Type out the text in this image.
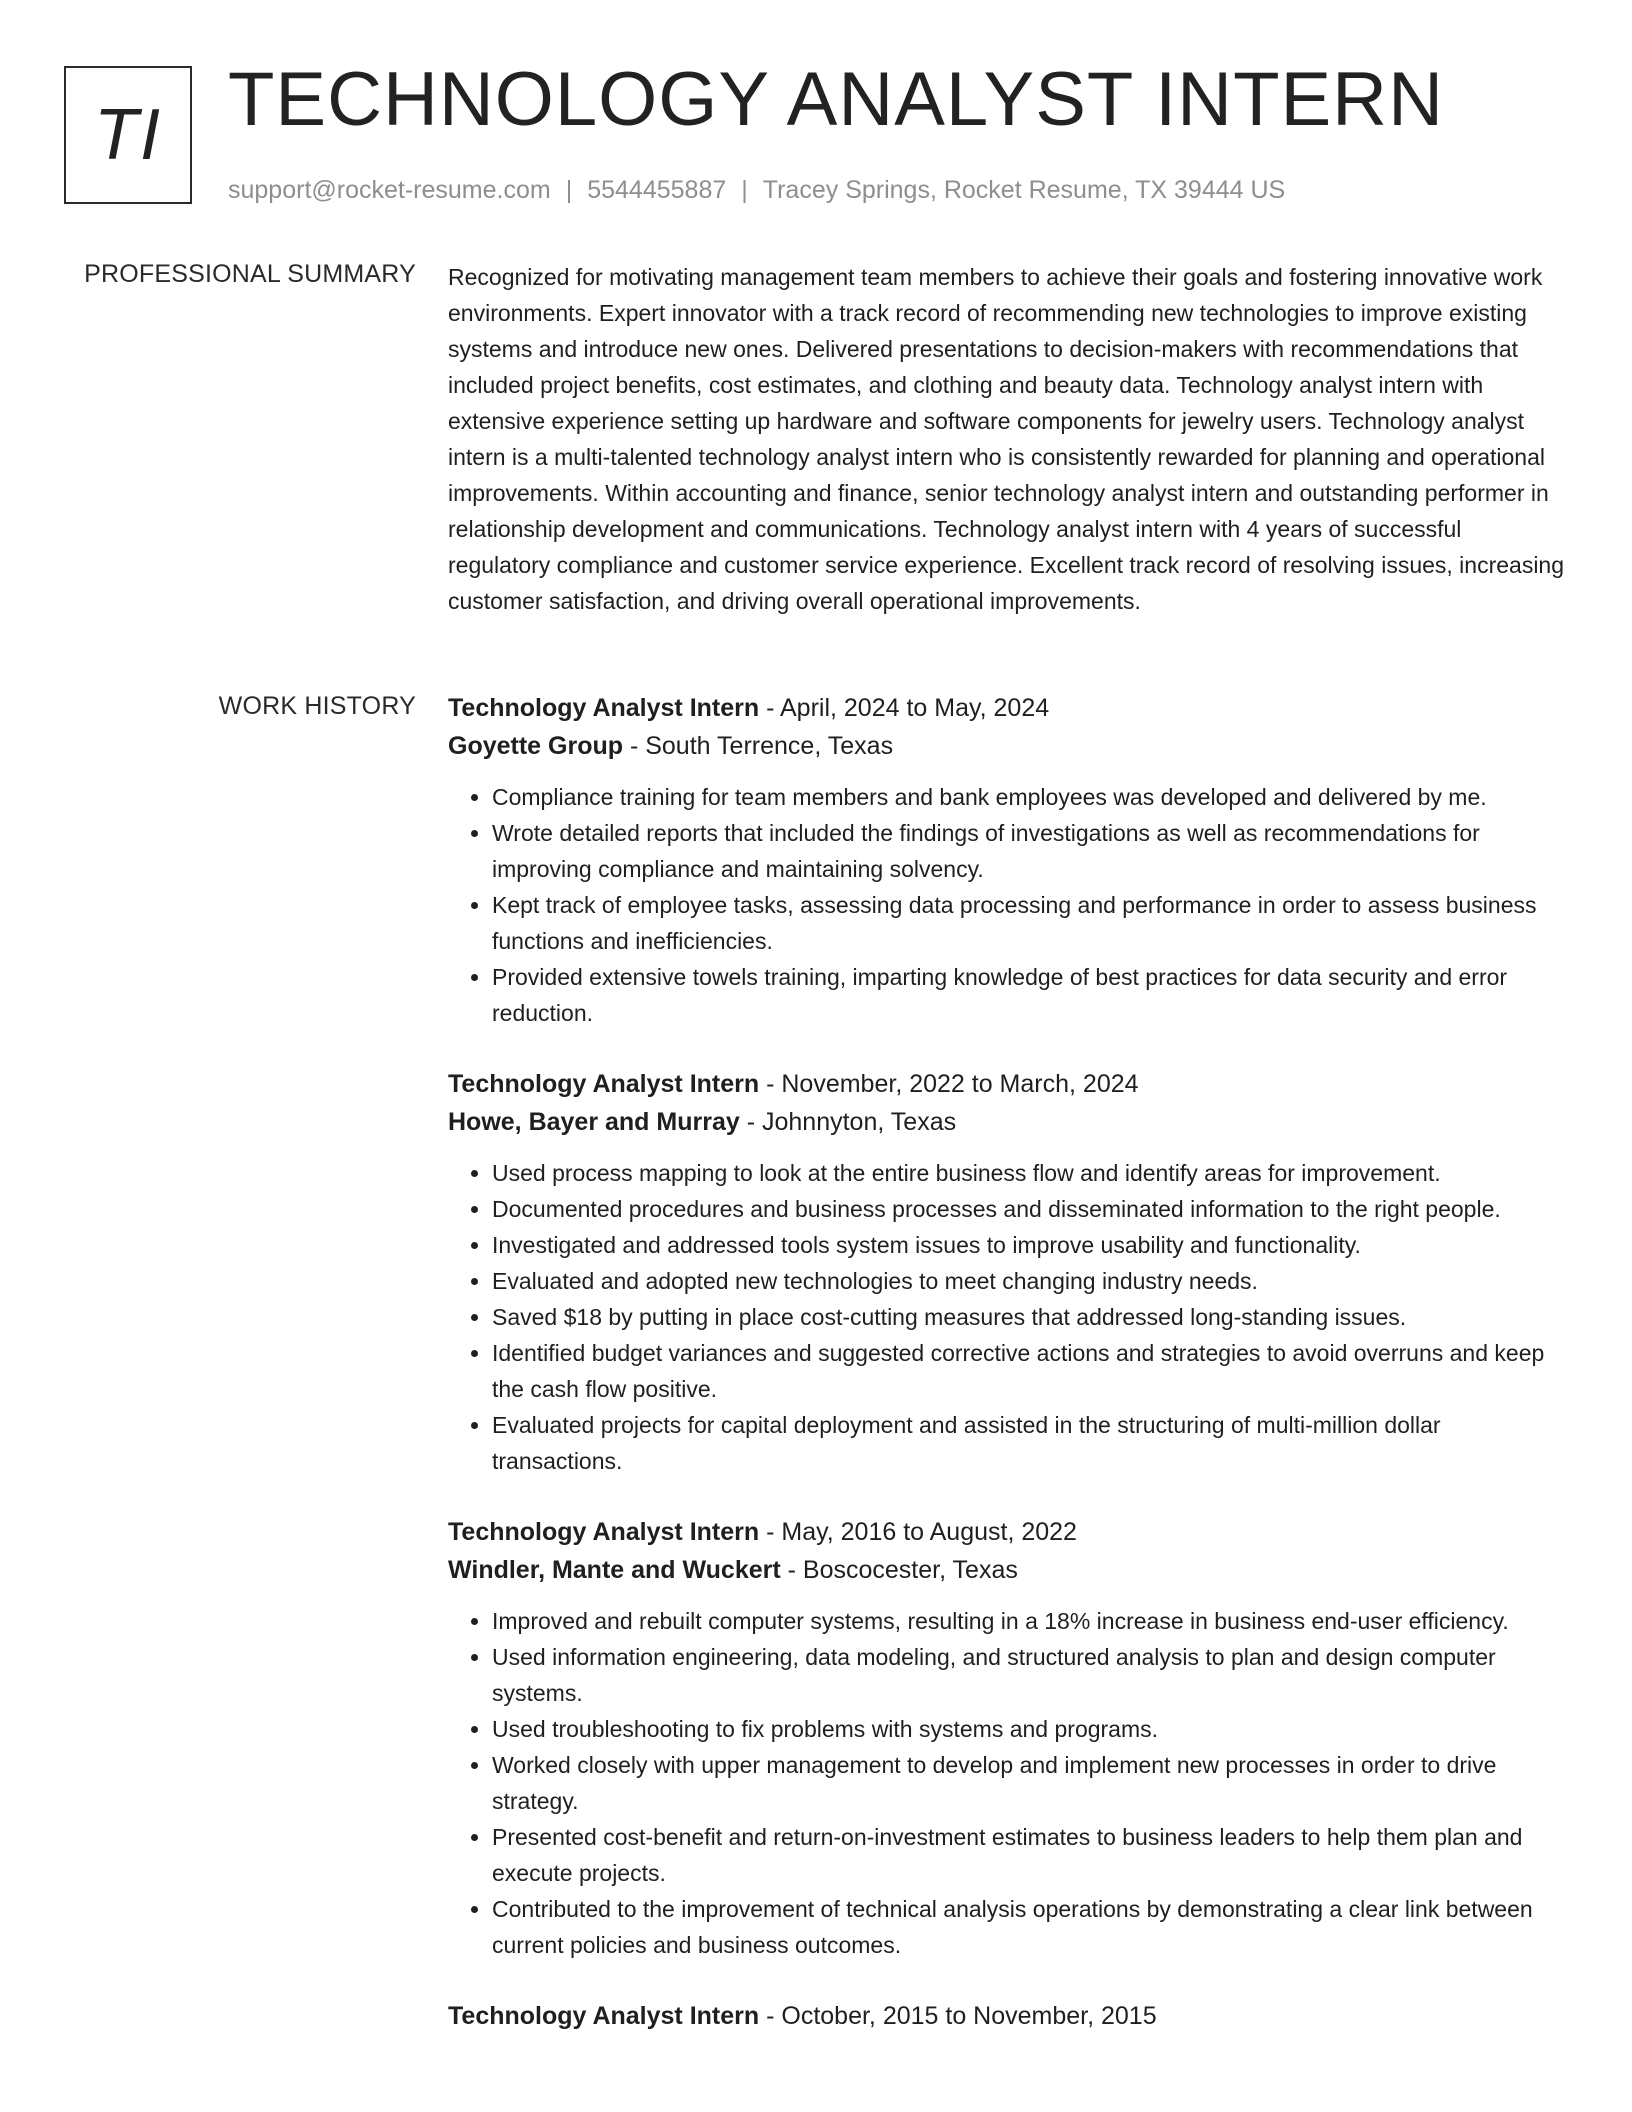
TI TECHNOLOGY ANALYST INTERN
support@rocket-resume.com | 5544455887 | Tracey Springs, Rocket Resume, TX 39444 US
PROFESSIONAL SUMMARY Recognized for motivating management team members to achieve their goals and fostering innovative work environments. Expert innovator with a track record of recommending new technologies to improve existing systems and introduce new ones. Delivered presentations to decision-makers with recommendations that included project benefits, cost estimates, and clothing and beauty data. Technology analyst intern with extensive experience setting up hardware and software components for jewelry users. Technology analyst intern is a multi-talented technology analyst intern who is consistently rewarded for planning and operational improvements. Within accounting and finance, senior technology analyst intern and outstanding performer in relationship development and communications. Technology analyst intern with 4 years of successful regulatory compliance and customer service experience. Excellent track record of resolving issues, increasing customer satisfaction, and driving overall operational improvements.

WORK HISTORY Technology Analyst Intern - April, 2024 to May, 2024
Goyette Group - South Terrence, Texas
• Compliance training for team members and bank employees was developed and delivered by me.
• Wrote detailed reports that included the findings of investigations as well as recommendations for improving compliance and maintaining solvency.
• Kept track of employee tasks, assessing data processing and performance in order to assess business functions and inefficiencies.
• Provided extensive towels training, imparting knowledge of best practices for data security and error reduction.
Technology Analyst Intern - November, 2022 to March, 2024
Howe, Bayer and Murray - Johnnyton, Texas
• Used process mapping to look at the entire business flow and identify areas for improvement.
• Documented procedures and business processes and disseminated information to the right people.
• Investigated and addressed tools system issues to improve usability and functionality.
• Evaluated and adopted new technologies to meet changing industry needs.
• Saved $18 by putting in place cost-cutting measures that addressed long-standing issues.
• Identified budget variances and suggested corrective actions and strategies to avoid overruns and keep the cash flow positive.
• Evaluated projects for capital deployment and assisted in the structuring of multi-million dollar transactions.
Technology Analyst Intern - May, 2016 to August, 2022
Windler, Mante and Wuckert - Boscocester, Texas
• Improved and rebuilt computer systems, resulting in a 18% increase in business end-user efficiency.
• Used information engineering, data modeling, and structured analysis to plan and design computer systems.
• Used troubleshooting to fix problems with systems and programs.
• Worked closely with upper management to develop and implement new processes in order to drive strategy.
• Presented cost-benefit and return-on-investment estimates to business leaders to help them plan and execute projects.
• Contributed to the improvement of technical analysis operations by demonstrating a clear link between current policies and business outcomes.
Technology Analyst Intern - October, 2015 to November, 2015
